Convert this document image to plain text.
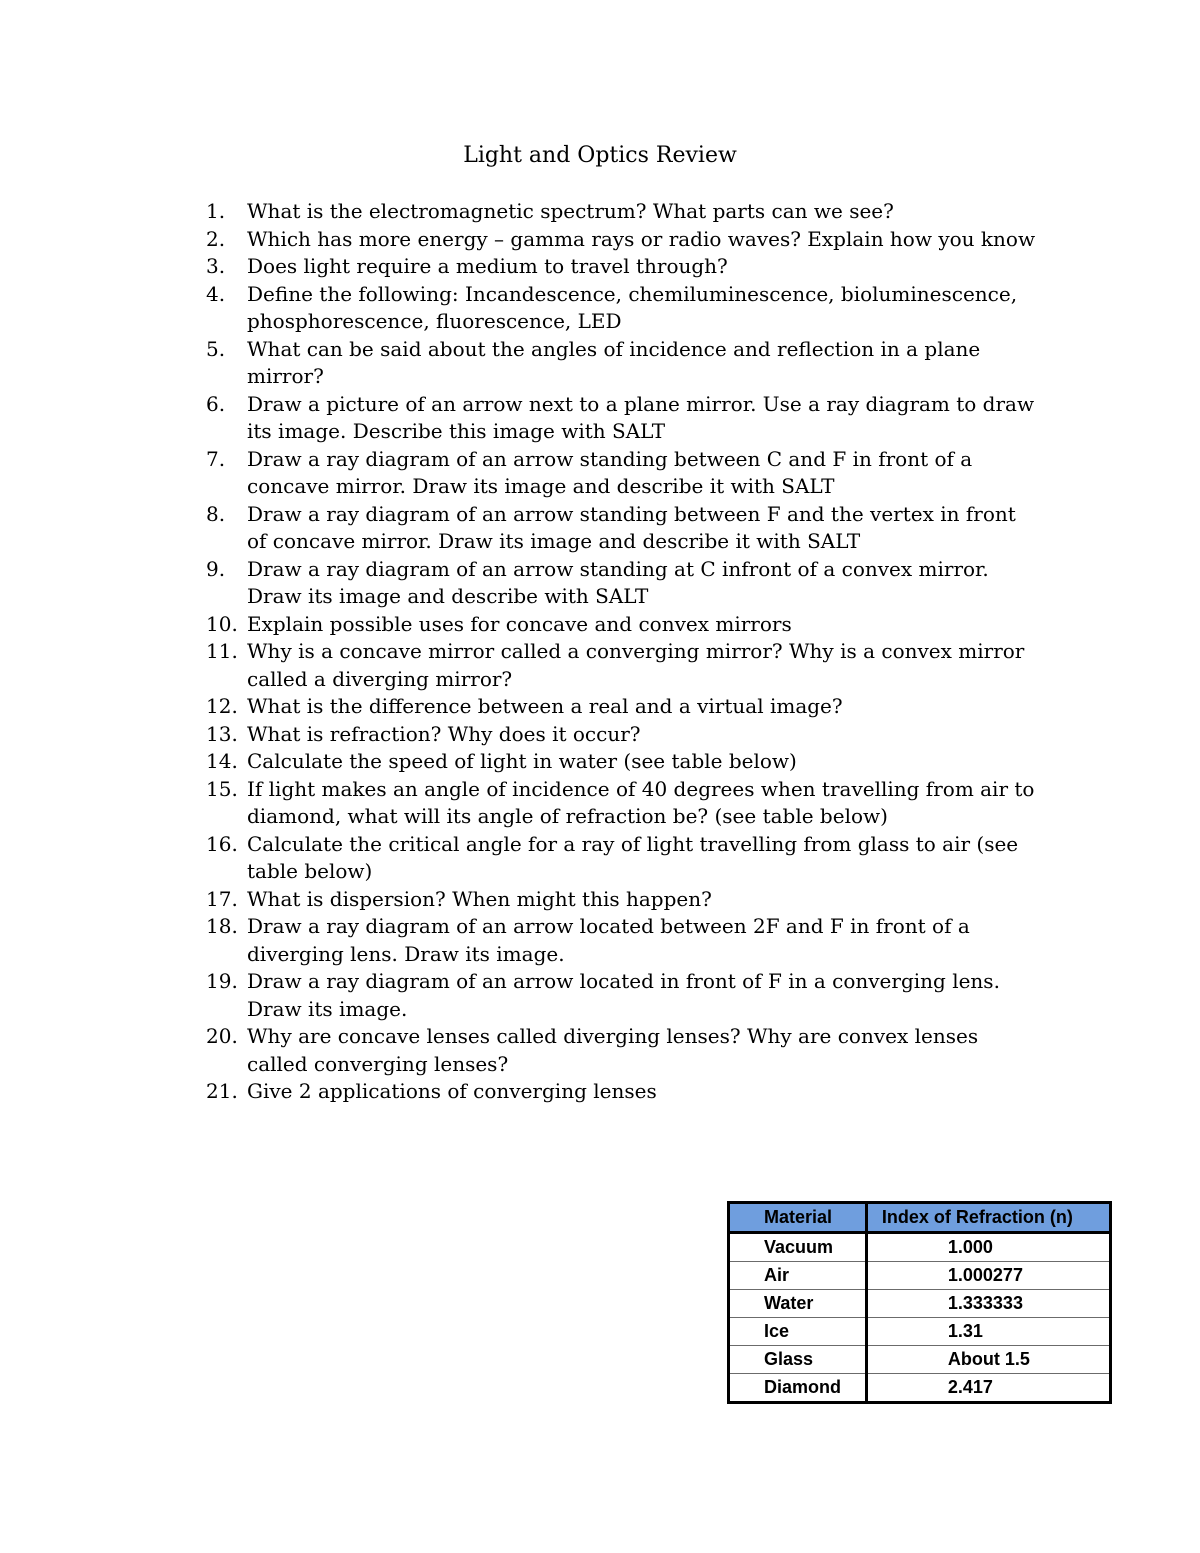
Light and Optics Review
1.	What is the electromagnetic spectrum? What parts can we see?
2.	Which has more energy – gamma rays or radio waves? Explain how you know
3.	Does light require a medium to travel through?
4.	Define the following: Incandescence, chemiluminescence, bioluminescence, phosphorescence, fluorescence, LED
5.	What can be said about the angles of incidence and reflection in a plane mirror?
6.	Draw a picture of an arrow next to a plane mirror. Use a ray diagram to draw its image. Describe this image with SALT
7.	Draw a ray diagram of an arrow standing between C and F in front of a concave mirror. Draw its image and describe it with SALT
8.	Draw a ray diagram of an arrow standing between F and the vertex in front of concave mirror. Draw its image and describe it with SALT
9.	Draw a ray diagram of an arrow standing at C infront of a convex mirror. Draw its image and describe with SALT
10. Explain possible uses for concave and convex mirrors
11. Why is a concave mirror called a converging mirror? Why is a convex mirror called a diverging mirror?
12. What is the difference between a real and a virtual image?
13. What is refraction? Why does it occur?
14. Calculate the speed of light in water (see table below)
15. If light makes an angle of incidence of 40 degrees when travelling from air to diamond, what will its angle of refraction be? (see table below)
16. Calculate the critical angle for a ray of light travelling from glass to air (see table below)
17. What is dispersion? When might this happen?
18. Draw a ray diagram of an arrow located between 2F and F in front of a diverging lens. Draw its image.
19. Draw a ray diagram of an arrow located in front of F in a converging lens. Draw its image.
20. Why are concave lenses called diverging lenses? Why are convex lenses called converging lenses?
21. Give 2 applications of converging lenses
Material	Index of Refraction (n)
Vacuum	1.000
Air	1.000277
Water	1.333333
Ice	1.31
Glass	About 1.5
Diamond	2.417
